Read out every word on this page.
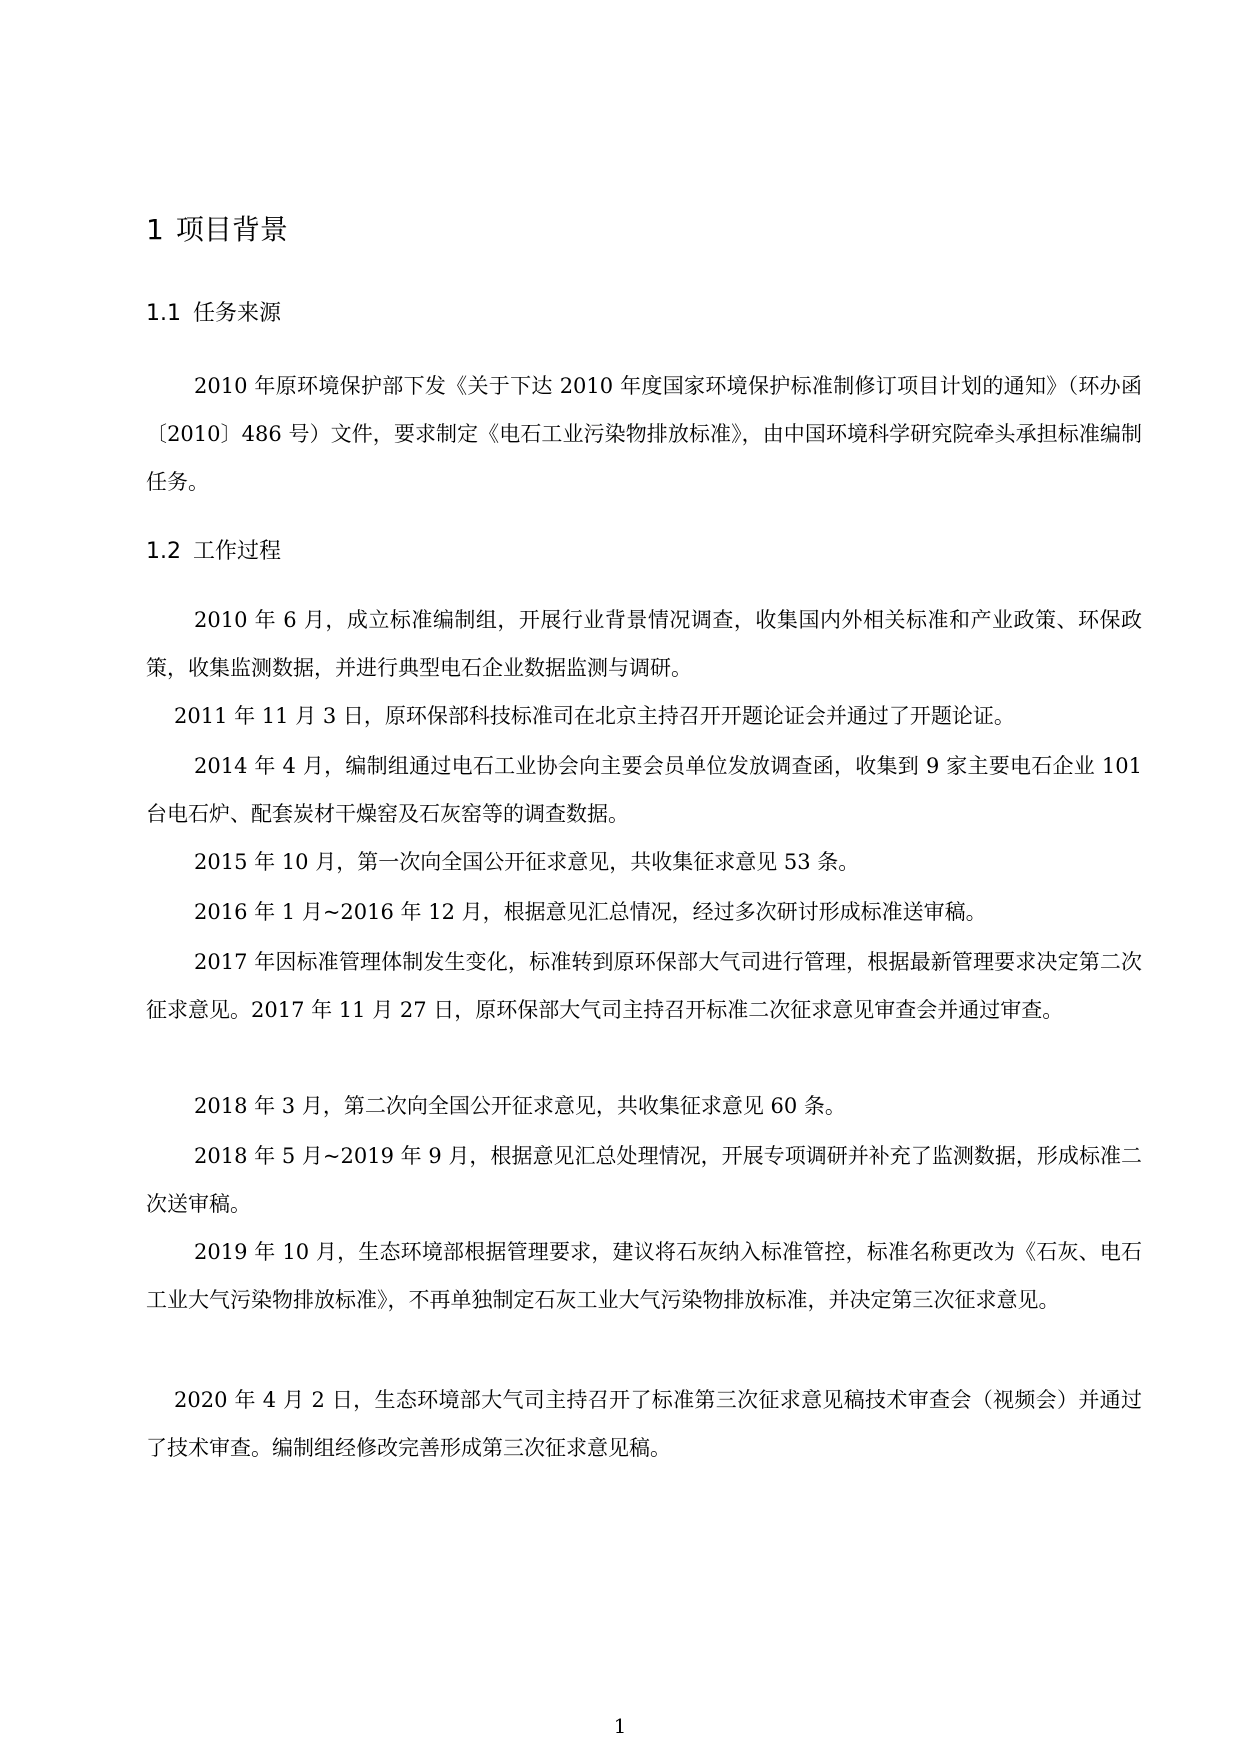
1 项目背景
1.1 任务来源

2010 年原环境保护部下发《关于下达 2010 年度国家环境保护标准制修订项目计划的通知》（环办函〔2010〕486 号）文件，要求制定《电石工业污染物排放标准》，由中国环境科学研究院牵头承担标准编制任务。

1.2 工作过程

2010 年 6 月，成立标准编制组，开展行业背景情况调查，收集国内外相关标准和产业政策、环保政策，收集监测数据，并进行典型电石企业数据监测与调研。

2011 年 11 月 3 日，原环保部科技标准司在北京主持召开开题论证会并通过了开题论证。

2014 年 4 月，编制组通过电石工业协会向主要会员单位发放调查函，收集到 9 家主要电石企业 101 台电石炉、配套炭材干燥窑及石灰窑等的调查数据。

2015 年 10 月，第一次向全国公开征求意见，共收集征求意见 53 条。

2016 年 1 月~2016 年 12 月，根据意见汇总情况，经过多次研讨形成标准送审稿。

2017 年因标准管理体制发生变化，标准转到原环保部大气司进行管理，根据最新管理要求决定第二次征求意见。2017 年 11 月 27 日，原环保部大气司主持召开标准二次征求意见审查会并通过审查。

2018 年 3 月，第二次向全国公开征求意见，共收集征求意见 60 条。

2018 年 5 月~2019 年 9 月，根据意见汇总处理情况，开展专项调研并补充了监测数据，形成标准二次送审稿。

2019 年 10 月，生态环境部根据管理要求，建议将石灰纳入标准管控，标准名称更改为《石灰、电石工业大气污染物排放标准》，不再单独制定石灰工业大气污染物排放标准，并决定第三次征求意见。

2020 年 4 月 2 日，生态环境部大气司主持召开了标准第三次征求意见稿技术审查会（视频会）并通过了技术审查。编制组经修改完善形成第三次征求意见稿。

1
